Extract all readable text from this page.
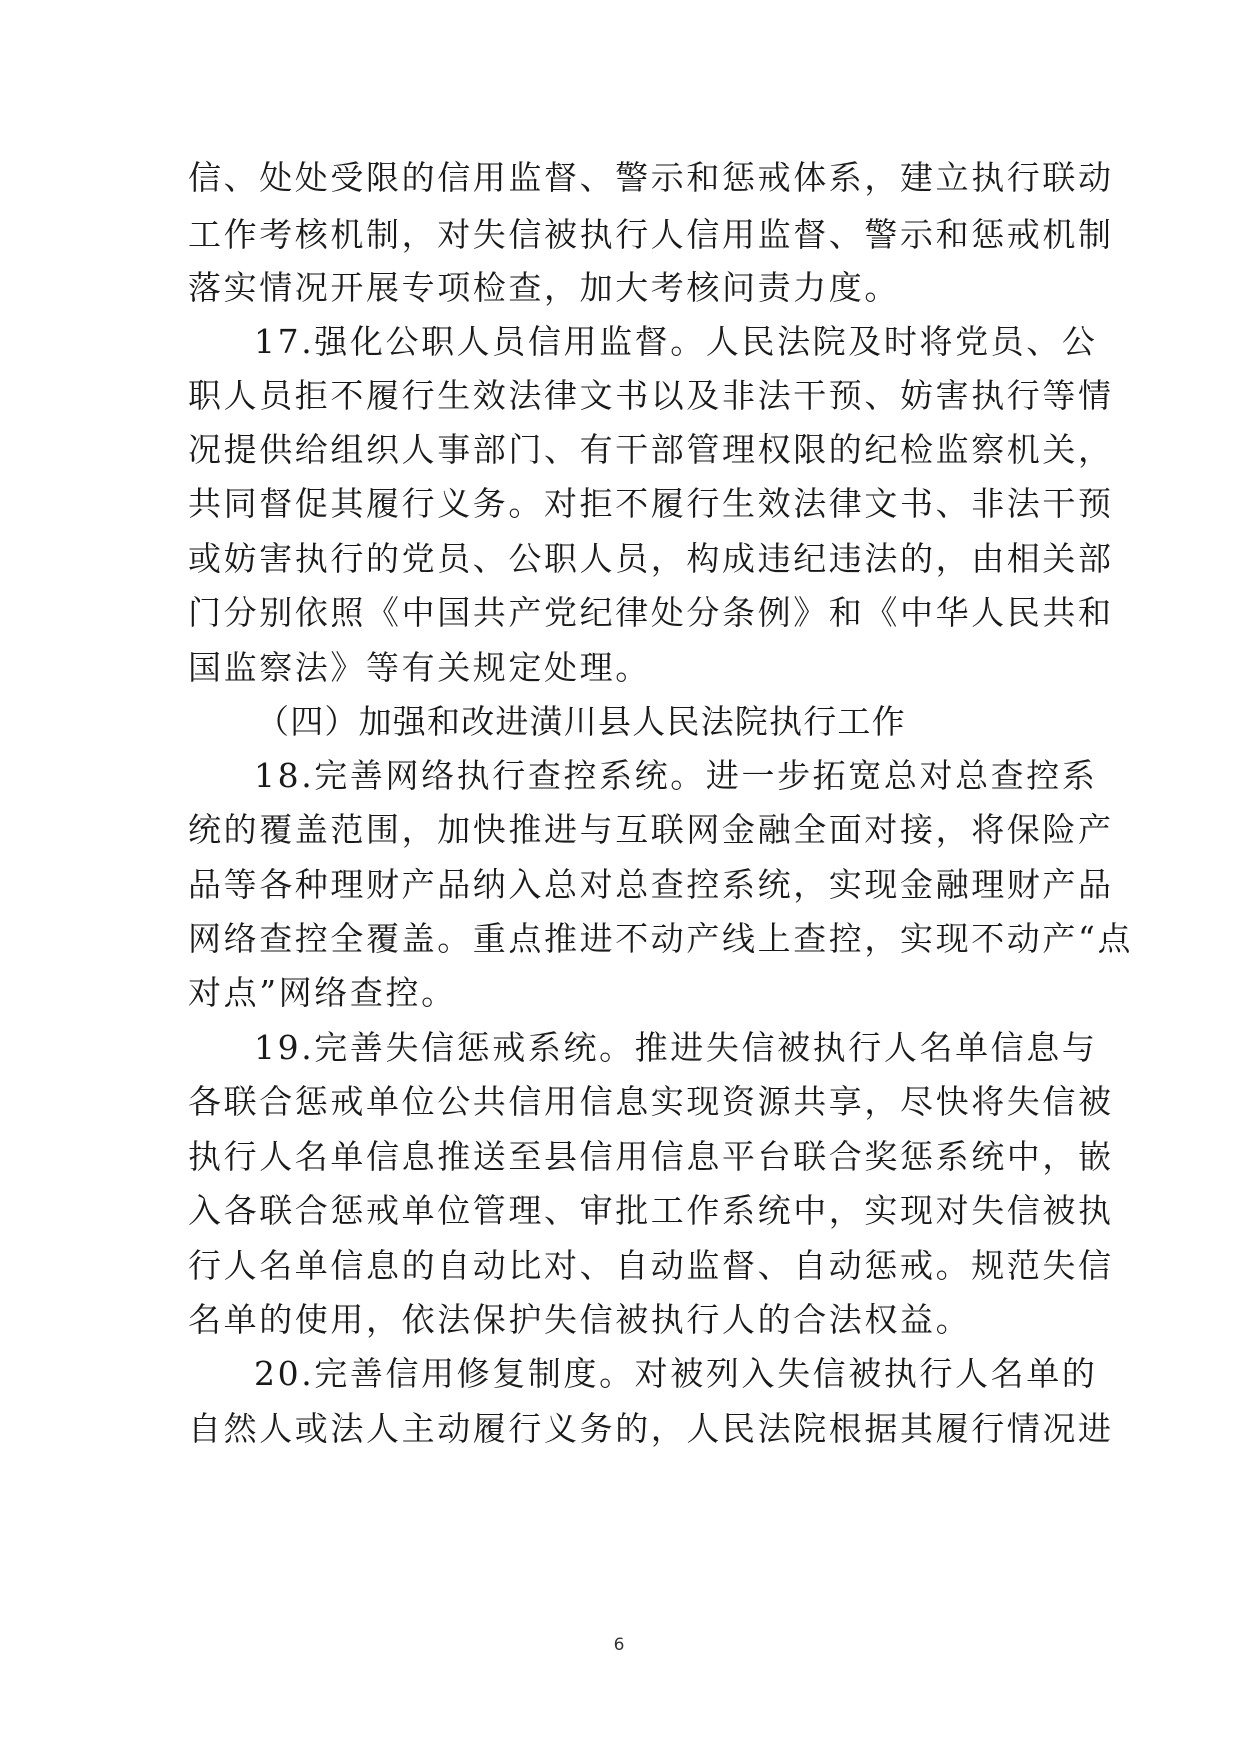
信、处处受限的信用监督、警示和惩戒体系，建立执行联动
工作考核机制，对失信被执行人信用监督、警示和惩戒机制
落实情况开展专项检查，加大考核问责力度。
17.强化公职人员信用监督。人民法院及时将党员、公
职人员拒不履行生效法律文书以及非法干预、妨害执行等情
况提供给组织人事部门、有干部管理权限的纪检监察机关，
共同督促其履行义务。对拒不履行生效法律文书、非法干预
或妨害执行的党员、公职人员，构成违纪违法的，由相关部
门分别依照《中国共产党纪律处分条例》和《中华人民共和
国监察法》等有关规定处理。
（四）加强和改进潢川县人民法院执行工作
18.完善网络执行查控系统。进一步拓宽总对总查控系
统的覆盖范围，加快推进与互联网金融全面对接，将保险产
品等各种理财产品纳入总对总查控系统，实现金融理财产品
网络查控全覆盖。重点推进不动产线上查控，实现不动产“点
对点”网络查控。
19.完善失信惩戒系统。推进失信被执行人名单信息与
各联合惩戒单位公共信用信息实现资源共享，尽快将失信被
执行人名单信息推送至县信用信息平台联合奖惩系统中，嵌
入各联合惩戒单位管理、审批工作系统中，实现对失信被执
行人名单信息的自动比对、自动监督、自动惩戒。规范失信
名单的使用，依法保护失信被执行人的合法权益。
20.完善信用修复制度。对被列入失信被执行人名单的
自然人或法人主动履行义务的，人民法院根据其履行情况进
6
